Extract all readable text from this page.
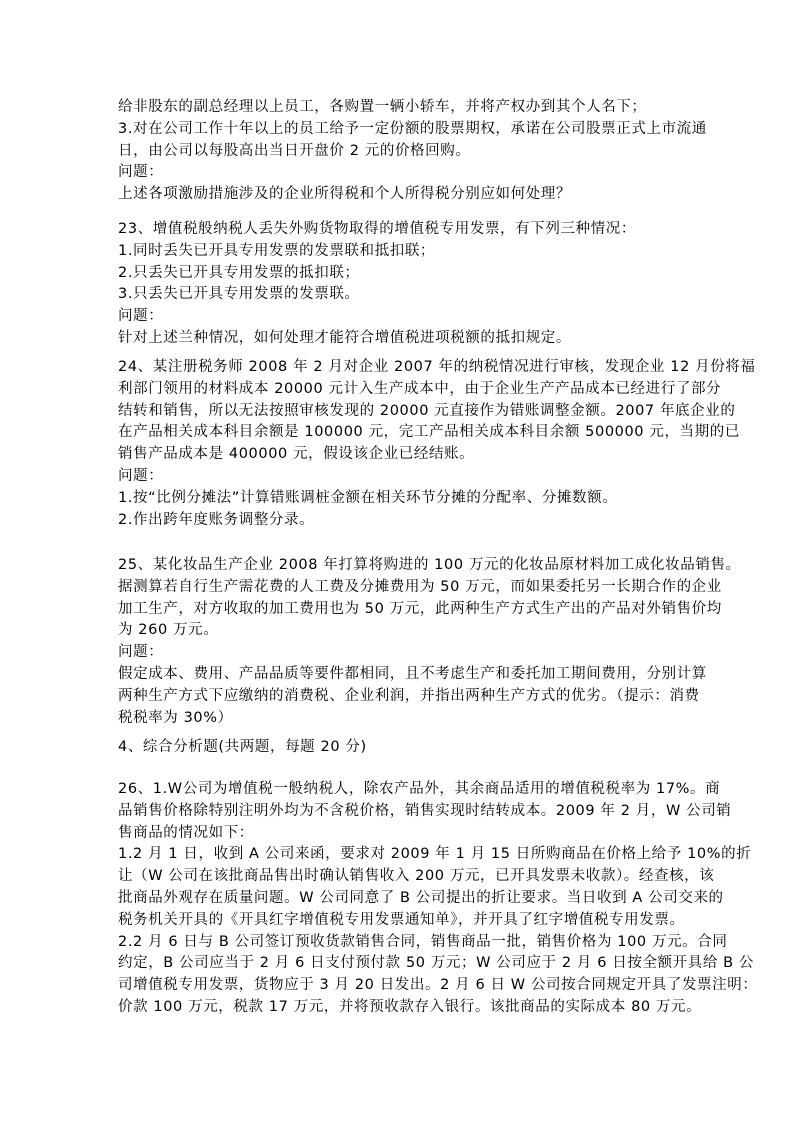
给非股东的副总经理以上员工，各购置一辆小轿车，并将产权办到其个人名下；
3.对在公司工作十年以上的员工给予一定份额的股票期权，承诺在公司股票正式上市流通
日，由公司以每股高出当日开盘价 2 元的价格回购。
问题：
上述各项激励措施涉及的企业所得税和个人所得税分别应如何处理？
23、增值税般纳税人丢失外购货物取得的增值税专用发票，有下列三种情况：
1.同时丢失已开具专用发票的发票联和抵扣联；
2.只丢失已开具专用发票的抵扣联；
3.只丢失已开具专用发票的发票联。
问题：
针对上述兰种情况，如何处理才能符合增值税进项税额的抵扣规定。
24、某注册税务师 2008 年 2 月对企业 2007 年的纳税情况进行审核，发现企业 12 月份将福
利部门领用的材料成本 20000 元计入生产成本中，由于企业生产产品成本已经进行了部分
结转和销售，所以无法按照审核发现的 20000 元直接作为错账调整金额。2007 年底企业的
在产品相关成本科目余额是 100000 元，完工产品相关成本科目余额 500000 元，当期的已
销售产品成本是 400000 元，假设该企业已经结账。
问题：
1.按“比例分摊法”计算错账调桩金额在相关环节分摊的分配率、分摊数额。
2.作出跨年度账务调整分录。
25、某化妆品生产企业 2008 年打算将购进的 100 万元的化妆品原材料加工成化妆品销售。
据测算若自行生产需花费的人工费及分摊费用为 50 万元，而如果委托另一长期合作的企业
加工生产，对方收取的加工费用也为 50 万元，此两种生产方式生产出的产品对外销售价均
为 260 万元。
问题：
假定成本、费用、产品品质等要件都相同，且不考虑生产和委托加工期间费用，分别计算
两种生产方式下应缴纳的消费税、企业利润，并指出两种生产方式的优劣。（提示：消费
税税率为 30%）
4、综合分析题(共两题，每题 20 分)
26、1.W公司为增值税一般纳税人，除农产品外，其余商品适用的增值税税率为 17%。商
品销售价格除特别注明外均为不含税价格，销售实现时结转成本。2009 年 2 月，W 公司销
售商品的情况如下：
1.2 月 1 日，收到 A 公司来函，要求对 2009 年 1 月 15 日所购商品在价格上给予 10%的折
让（W 公司在该批商品售出时确认销售收入 200 万元，已开具发票未收款）。经查核，该
批商品外观存在质量问题。W 公司同意了 B 公司提出的折让要求。当日收到 A 公司交来的
税务机关开具的《开具红字增值税专用发票通知单》，并开具了红字增值税专用发票。
2.2 月 6 日与 B 公司签订预收货款销售合同，销售商品一批，销售价格为 100 万元。合同
约定，B 公司应当于 2 月 6 日支付预付款 50 万元；W 公司应于 2 月 6 日按全额开具给 B 公
司增值税专用发票，货物应于 3 月 20 日发出。2 月 6 日 W 公司按合同规定开具了发票注明：
价款 100 万元，税款 17 万元，并将预收款存入银行。该批商品的实际成本 80 万元。
